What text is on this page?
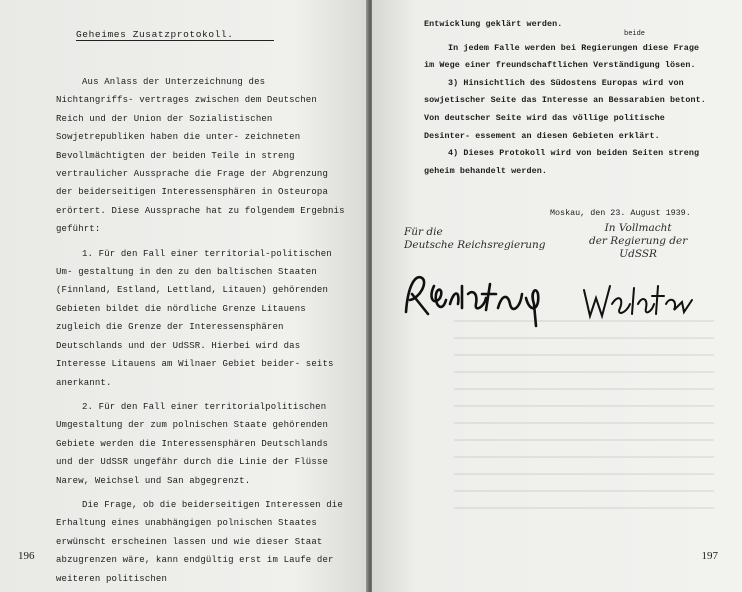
Geheimes Zusatzprotokoll.

Aus Anlass der Unterzeichnung des Nichtangriffs- vertrages zwischen dem Deutschen Reich und der Union der Sozialistischen Sowjetrepubliken haben die unter- zeichneten Bevollmächtigten der beiden Teile in streng vertraulicher Aussprache die Frage der Abgrenzung der beiderseitigen Interessensphären in Osteuropa erörtert. Diese Aussprache hat zu folgendem Ergebnis geführt:

1. Für den Fall einer territorial-politischen Um- gestaltung in den zu den baltischen Staaten (Finnland, Estland, Lettland, Litauen) gehörenden Gebieten bildet die nördliche Grenze Litauens zugleich die Grenze der Interessensphären Deutschlands und der UdSSR. Hierbei wird das Interesse Litauens am Wilnaer Gebiet beider- seits anerkannt.

2. Für den Fall einer territorialpolitischen Umgestaltung der zum polnischen Staate gehörenden Gebiete werden die Interessensphären Deutschlands und der UdSSR ungefähr durch die Linie der Flüsse Narew, Weichsel und San abgegrenzt.

Die Frage, ob die beiderseitigen Interessen die Erhaltung eines unabhängigen polnischen Staates erwünscht erscheinen lassen und wie dieser Staat abzugrenzen wäre, kann endgültig erst im Laufe der weiteren politischen

196

Entwicklung geklärt werden.

beide

In jedem Falle werden bei Regierungen diese Frage im Wege einer freundschaftlichen Verständigung lösen.

3) Hinsichtlich des Südostens Europas wird von sowjetischer Seite das Interesse an Bessarabien betont. Von deutscher Seite wird das völlige politische Desinter- essement an diesen Gebieten erklärt.

4) Dieses Protokoll wird von beiden Seiten streng geheim behandelt werden.

Moskau, den 23. August 1939.
Für die
Deutsche Reichsregierung
In Vollmacht
der Regierung der
UdSSR
197
